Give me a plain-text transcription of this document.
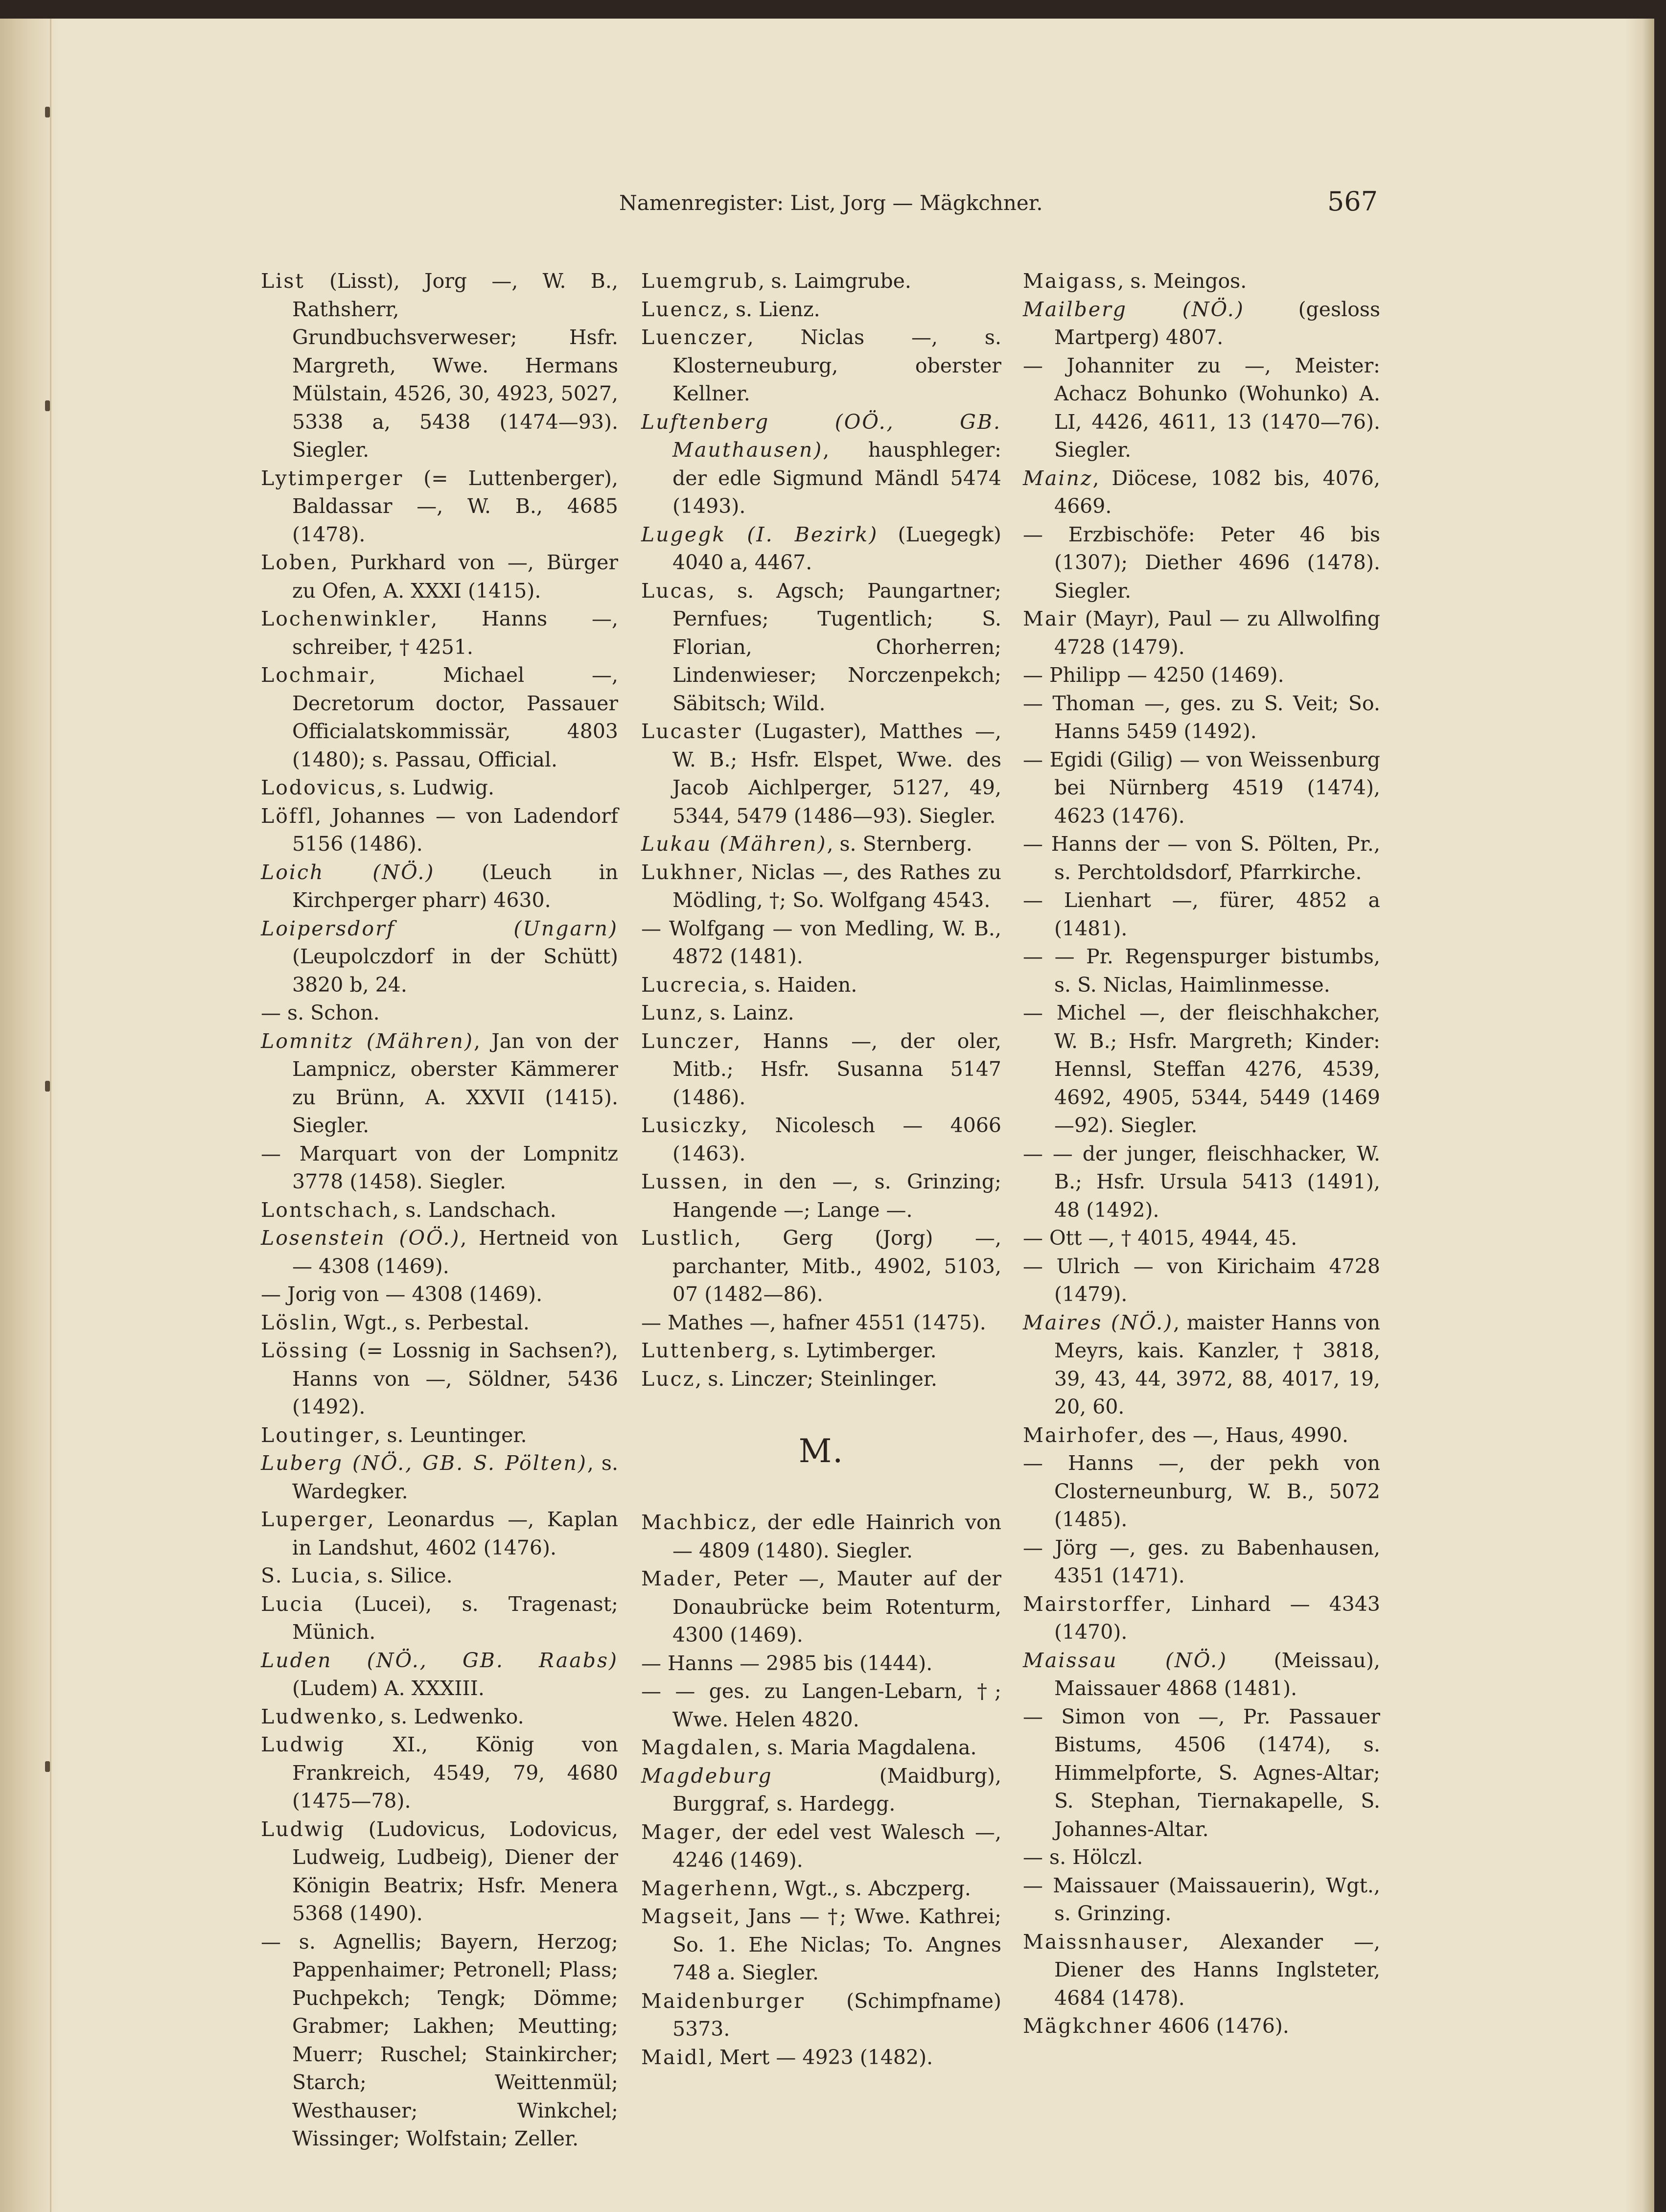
Namenregister: List, Jorg — Mägkchner.	567
List (Lisst), Jorg —, W. B., Rathsherr, Grundbuchsverweser; Hsfr. Margreth, Wwe. Hermans Mülstain, 4526, 30, 4923, 5027, 5338 a, 5438 (1474—93). Siegler.
Lytimperger (= Luttenberger), Baldassar —, W. B., 4685 (1478).
Loben, Purkhard von —, Bürger zu Ofen, A. XXXI (1415).
Lochenwinkler, Hanns —, schreiber, † 4251.
Lochmair, Michael —, Decretorum doctor, Passauer Officialatskommissär, 4803 (1480); s. Passau, Official.
Lodovicus, s. Ludwig.
Löffl, Johannes — von Ladendorf 5156 (1486).
Loich (NÖ.) (Leuch in Kirchperger pharr) 4630.
Loipersdorf (Ungarn) (Leupolczdorf in der Schütt) 3820 b, 24.
— s. Schon.
Lomnitz (Mähren), Jan von der Lampnicz, oberster Kämmerer zu Brünn, A. XXVII (1415). Siegler.
— Marquart von der Lompnitz 3778 (1458). Siegler.
Lontschach, s. Landschach.
Losenstein (OÖ.), Hertneid von — 4308 (1469).
— Jorig von — 4308 (1469).
Löslin, Wgt., s. Perbestal.
Lössing (= Lossnig in Sachsen?), Hanns von —, Söldner, 5436 (1492).
Loutinger, s. Leuntinger.
Luberg (NÖ., GB. S. Pölten), s. Wardegker.
Luperger, Leonardus —, Kaplan in Landshut, 4602 (1476).
S. Lucia, s. Silice.
Lucia (Lucei), s. Tragenast; Münich.
Luden (NÖ., GB. Raabs) (Ludem) A. XXXIII.
Ludwenko, s. Ledwenko.
Ludwig XI., König von Frankreich, 4549, 79, 4680 (1475—78).
Ludwig (Ludovicus, Lodovicus, Ludweig, Ludbeig), Diener der Königin Beatrix; Hsfr. Menera 5368 (1490).
— s. Agnellis; Bayern, Herzog; Pappenhaimer; Petronell; Plass; Puchpekch; Tengk; Dömme; Grabmer; Lakhen; Meutting; Muerr; Ruschel; Stainkircher; Starch; Weittenmül; Westhauser; Winkchel; Wissinger; Wolfstain; Zeller.
Luemgrub, s. Laimgrube.
Luencz, s. Lienz.
Luenczer, Niclas —, s. Klosterneuburg, oberster Kellner.
Luftenberg (OÖ., GB. Mauthausen), hausphleger: der edle Sigmund Mändl 5474 (1493).
Lugegk (I. Bezirk) (Luegegk) 4040 a, 4467.
Lucas, s. Agsch; Paungartner; Pernfues; Tugentlich; S. Florian, Chorherren; Lindenwieser; Norczenpekch; Säbitsch; Wild.
Lucaster (Lugaster), Matthes —, W. B.; Hsfr. Elspet, Wwe. des Jacob Aichlperger, 5127, 49, 5344, 5479 (1486—93). Siegler.
Lukau (Mähren), s. Sternberg.
Lukhner, Niclas —, des Rathes zu Mödling, †; So. Wolfgang 4543.
— Wolfgang — von Medling, W. B., 4872 (1481).
Lucrecia, s. Haiden.
Lunz, s. Lainz.
Lunczer, Hanns —, der oler, Mitb.; Hsfr. Susanna 5147 (1486).
Lusiczky, Nicolesch — 4066 (1463).
Lussen, in den —, s. Grinzing; Hangende —; Lange —.
Lustlich, Gerg (Jorg) —, parchanter, Mitb., 4902, 5103, 07 (1482—86).
— Mathes —, hafner 4551 (1475).
Luttenberg, s. Lytimberger.
Lucz, s. Linczer; Steinlinger.
M.
Machbicz, der edle Hainrich von — 4809 (1480). Siegler.
Mader, Peter —, Mauter auf der Donaubrücke beim Rotenturm, 4300 (1469).
— Hanns — 2985 bis (1444).
— — ges. zu Langen-Lebarn, †; Wwe. Helen 4820.
Magdalen, s. Maria Magdalena.
Magdeburg (Maidburg), Burggraf, s. Hardegg.
Mager, der edel vest Walesch —, 4246 (1469).
Magerhenn, Wgt., s. Abczperg.
Magseit, Jans — †; Wwe. Kathrei; So. 1. Ehe Niclas; To. Angnes 748 a. Siegler.
Maidenburger (Schimpfname) 5373.
Maidl, Mert — 4923 (1482).
Maigass, s. Meingos.
Mailberg (NÖ.) (gesloss Martperg) 4807.
— Johanniter zu —, Meister: Achacz Bohunko (Wohunko) A. LI, 4426, 4611, 13 (1470—76). Siegler.
Mainz, Diöcese, 1082 bis, 4076, 4669.
— Erzbischöfe: Peter 46 bis (1307); Diether 4696 (1478). Siegler.
Mair (Mayr), Paul — zu Allwolfing 4728 (1479).
— Philipp — 4250 (1469).
— Thoman —, ges. zu S. Veit; So. Hanns 5459 (1492).
— Egidi (Gilig) — von Weissenburg bei Nürnberg 4519 (1474), 4623 (1476).
— Hanns der — von S. Pölten, Pr., s. Perchtoldsdorf, Pfarrkirche.
— Lienhart —, fürer, 4852 a (1481).
— — Pr. Regenspurger bistumbs, s. S. Niclas, Haimlinmesse.
— Michel —, der fleischhakcher, W. B.; Hsfr. Margreth; Kinder: Hennsl, Steffan 4276, 4539, 4692, 4905, 5344, 5449 (1469—92). Siegler.
— — der junger, fleischhacker, W. B.; Hsfr. Ursula 5413 (1491), 48 (1492).
— Ott —, † 4015, 4944, 45.
— Ulrich — von Kirichaim 4728 (1479).
Maires (NÖ.), maister Hanns von Meyrs, kais. Kanzler, † 3818, 39, 43, 44, 3972, 88, 4017, 19, 20, 60.
Mairhofer, des —, Haus, 4990.
— Hanns —, der pekh von Closterneunburg, W. B., 5072 (1485).
— Jörg —, ges. zu Babenhausen, 4351 (1471).
Mairstorffer, Linhard — 4343 (1470).
Maissau (NÖ.) (Meissau), Maissauer 4868 (1481).
— Simon von —, Pr. Passauer Bistums, 4506 (1474), s. Himmelpforte, S. Agnes-Altar; S. Stephan, Tiernakapelle, S. Johannes-Altar.
— s. Hölczl.
— Maissauer (Maissauerin), Wgt., s. Grinzing.
Maissnhauser, Alexander —, Diener des Hanns Inglsteter, 4684 (1478).
Mägkchner 4606 (1476).
